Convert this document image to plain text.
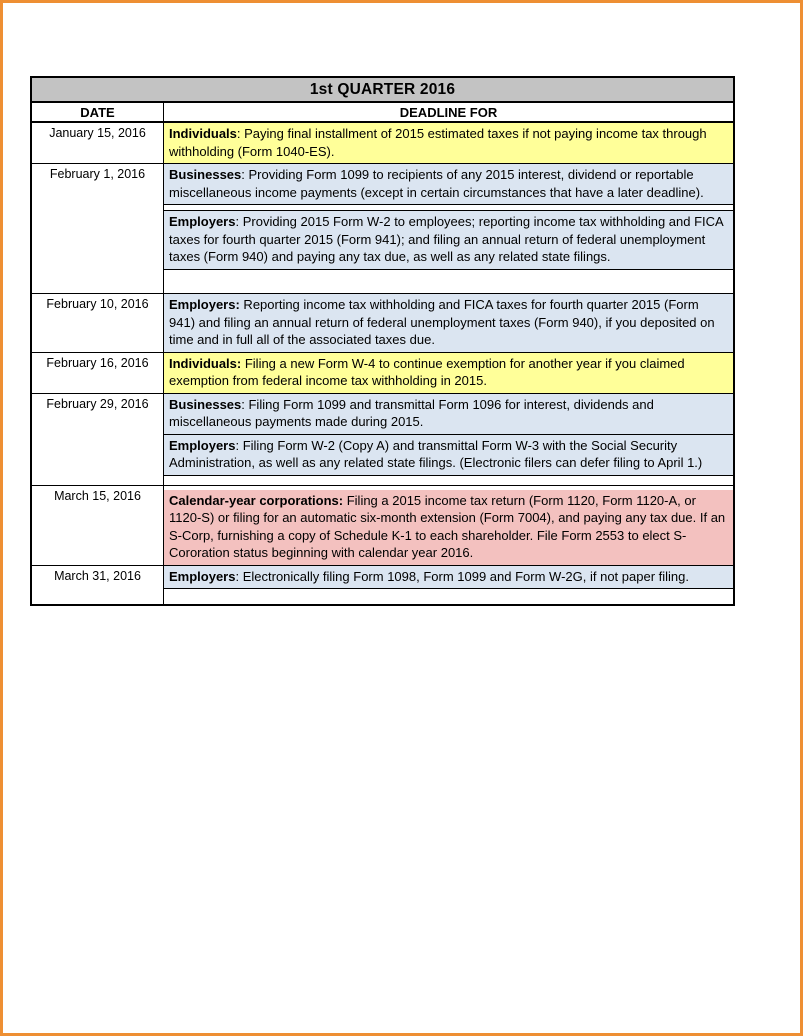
1st QUARTER 2016
DATE	DEADLINE FOR
January 15, 2016	Individuals: Paying final installment of 2015 estimated taxes if not paying income tax through withholding (Form 1040-ES).
February 1, 2016	Businesses: Providing Form 1099 to recipients of any 2015 interest, dividend or reportable miscellaneous income payments (except in certain circumstances that have a later deadline).
Employers: Providing 2015 Form W-2 to employees; reporting income tax withholding and FICA taxes for fourth quarter 2015 (Form 941); and filing an annual return of federal unemployment taxes (Form 940) and paying any tax due, as well as any related state filings.
February 10, 2016	Employers: Reporting income tax withholding and FICA taxes for fourth quarter 2015 (Form 941) and filing an annual return of federal unemployment taxes (Form 940), if you deposited on time and in full all of the associated taxes due.
February 16, 2016	Individuals: Filing a new Form W-4 to continue exemption for another year if you claimed exemption from federal income tax withholding in 2015.
February 29, 2016	Businesses: Filing Form 1099 and transmittal Form 1096 for interest, dividends and miscellaneous payments made during 2015.
Employers: Filing Form W-2 (Copy A) and transmittal Form W-3 with the Social Security Administration, as well as any related state filings. (Electronic filers can defer filing to April 1.)
March 15, 2016	Calendar-year corporations: Filing a 2015 income tax return (Form 1120, Form 1120-A, or 1120-S) or filing for an automatic six-month extension (Form 7004), and paying any tax due. If an S-Corp, furnishing a copy of Schedule K-1 to each shareholder. File Form 2553 to elect S-Cororation status beginning with calendar year 2016.
March 31, 2016	Employers: Electronically filing Form 1098, Form 1099 and Form W-2G, if not paper filing.
